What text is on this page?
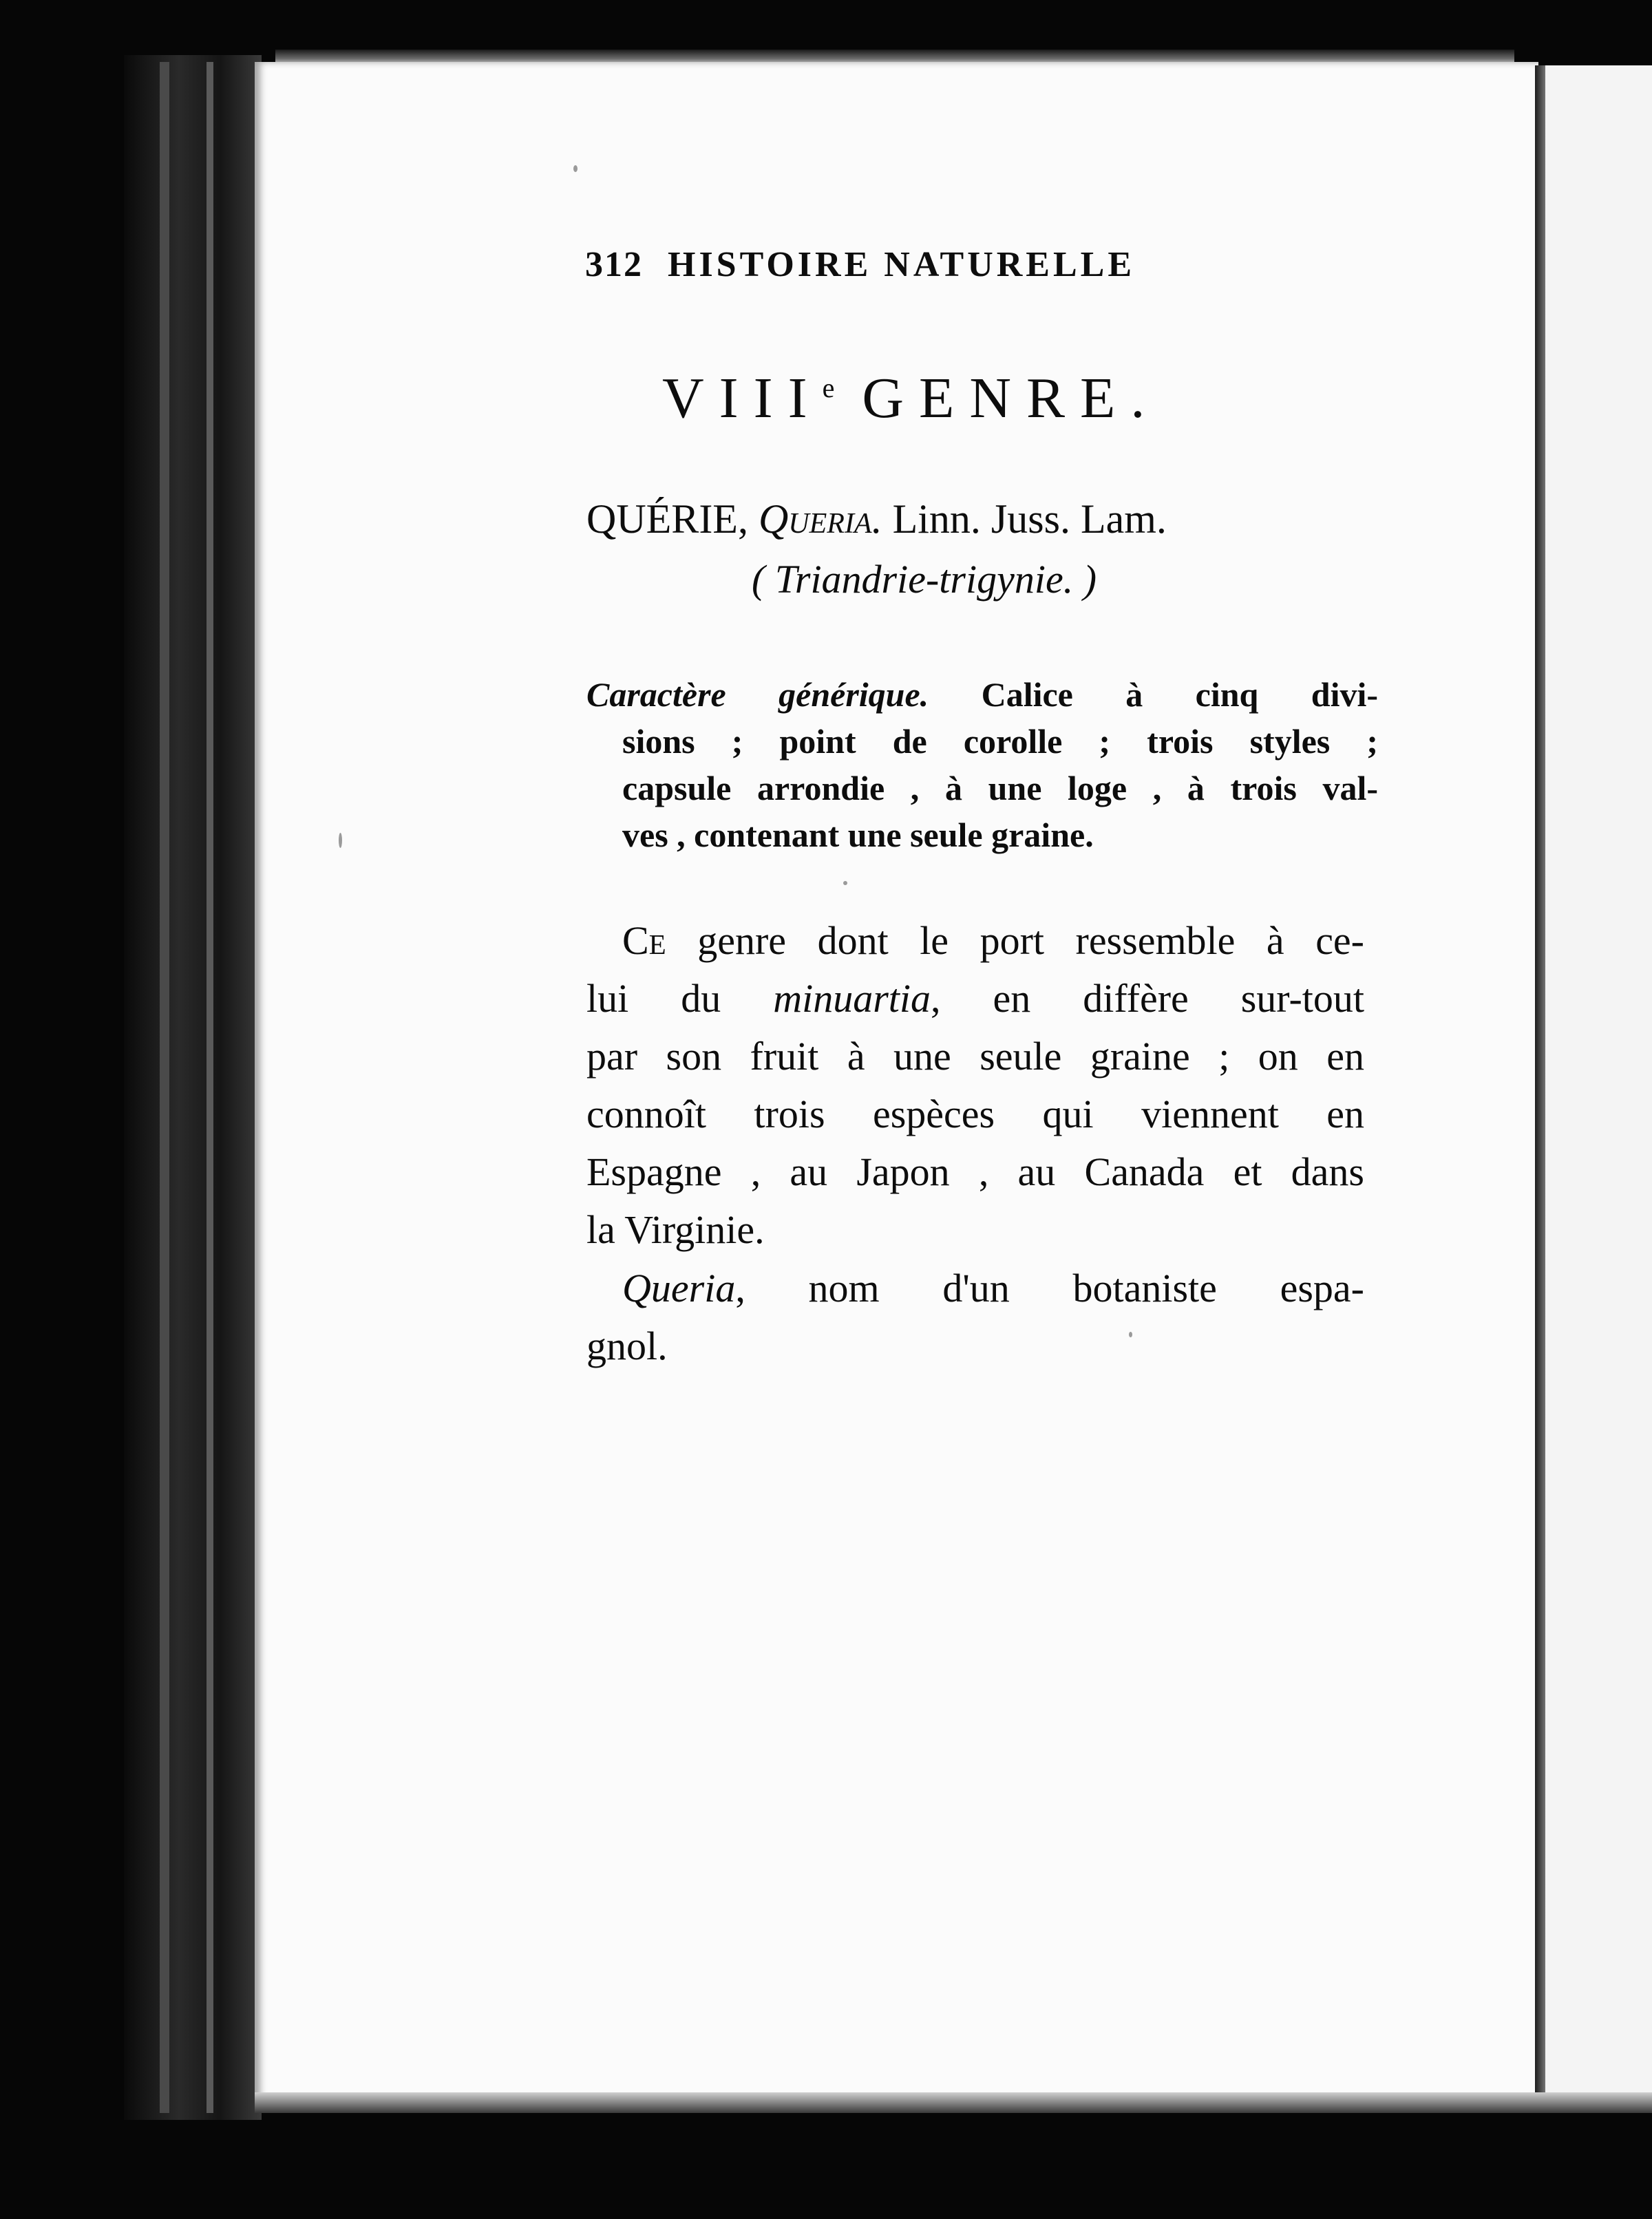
312 HISTOIRE NATURELLE
VIIIe GENRE.
QUÉRIE, Queria. Linn. Juss. Lam.
( Triandrie-trigynie. )
Caractère générique. Calice à cinq divi-
sions ; point de corolle ; trois styles ;
capsule arrondie , à une loge , à trois val-
ves , contenant une seule graine.
Ce genre dont le port ressemble à ce-
lui du minuartia, en diffère sur-tout
par son fruit à une seule graine ; on en
connoît trois espèces qui viennent en
Espagne , au Japon , au Canada et dans
la Virginie.
Queria, nom d'un botaniste espa-
gnol.
